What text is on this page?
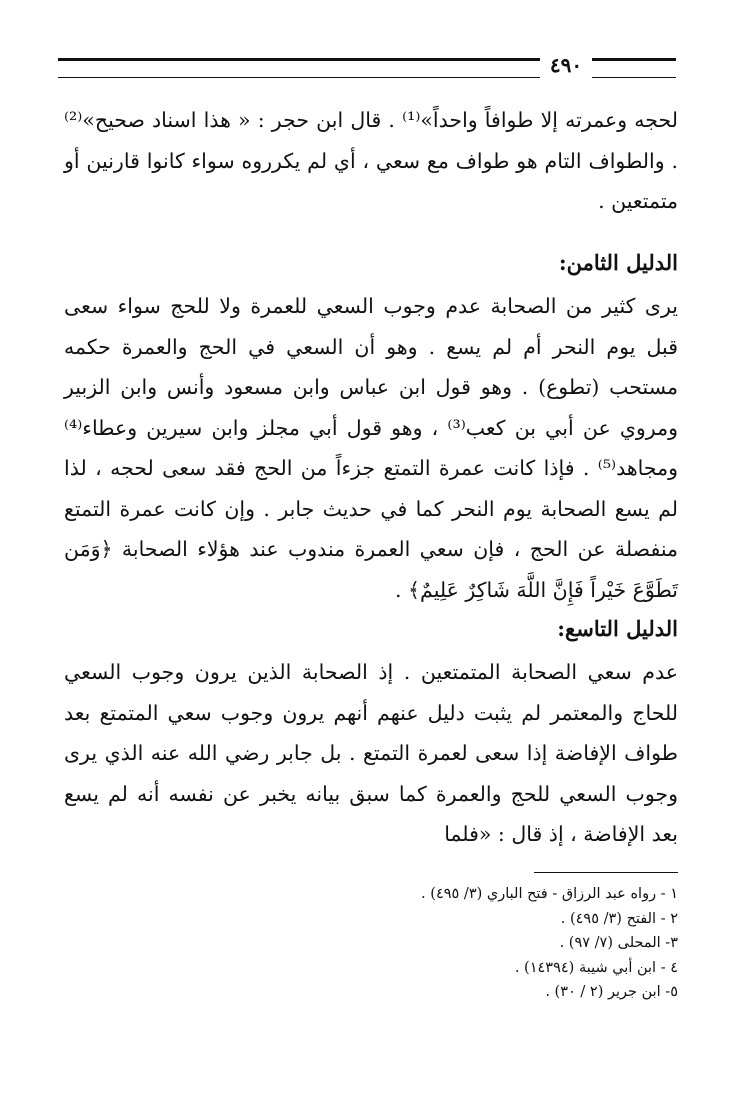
٤٩٠
لحجه وعمرته إلا طوافاً واحداً»⁽¹⁾ . قال ابن حجر : « هذا اسناد صحيح»⁽²⁾ . والطواف التام هو طواف مع سعي ، أي لم يكرروه سواء كانوا قارنين أو متمتعين .
الدليل الثامن:
يرى كثير من الصحابة عدم وجوب السعي للعمرة ولا للحج سواء سعى قبل يوم النحر أم لم يسع . وهو أن السعي في الحج والعمرة حكمه مستحب (تطوع) . وهو قول ابن عباس وابن مسعود وأنس وابن الزبير ومروي عن أبي بن كعب⁽³⁾ ، وهو قول أبي مجلز وابن سيرين وعطاء⁽⁴⁾ ومجاهد⁽⁵⁾ . فإذا كانت عمرة التمتع جزءاً من الحج فقد سعى لحجه ، لذا لم يسع الصحابة يوم النحر كما في حديث جابر . وإن كانت عمرة التمتع منفصلة عن الحج ، فإن سعي العمرة مندوب عند هؤلاء الصحابة ﴿وَمَن تَطَوَّعَ خَيْراً فَإِنَّ اللَّهَ شَاكِرٌ عَلِيمٌ﴾ .
الدليل التاسع:
عدم سعي الصحابة المتمتعين . إذ الصحابة الذين يرون وجوب السعي للحاج والمعتمر لم يثبت دليل عنهم أنهم يرون وجوب سعي المتمتع بعد طواف الإفاضة إذا سعى لعمرة التمتع . بل جابر رضي الله عنه الذي يرى وجوب السعي للحج والعمرة كما سبق بيانه يخبر عن نفسه أنه لم يسع بعد الإفاضة ، إذ قال : «فلما
١ - رواه عبد الرزاق - فتح الباري (٣/ ٤٩٥) .
٢ - الفتح (٣/ ٤٩٥) .
٣- المحلى (٧/ ٩٧) .
٤ - ابن أبي شيبة (١٤٣٩٤) .
٥- ابن جرير (٢ / ٣٠) .
